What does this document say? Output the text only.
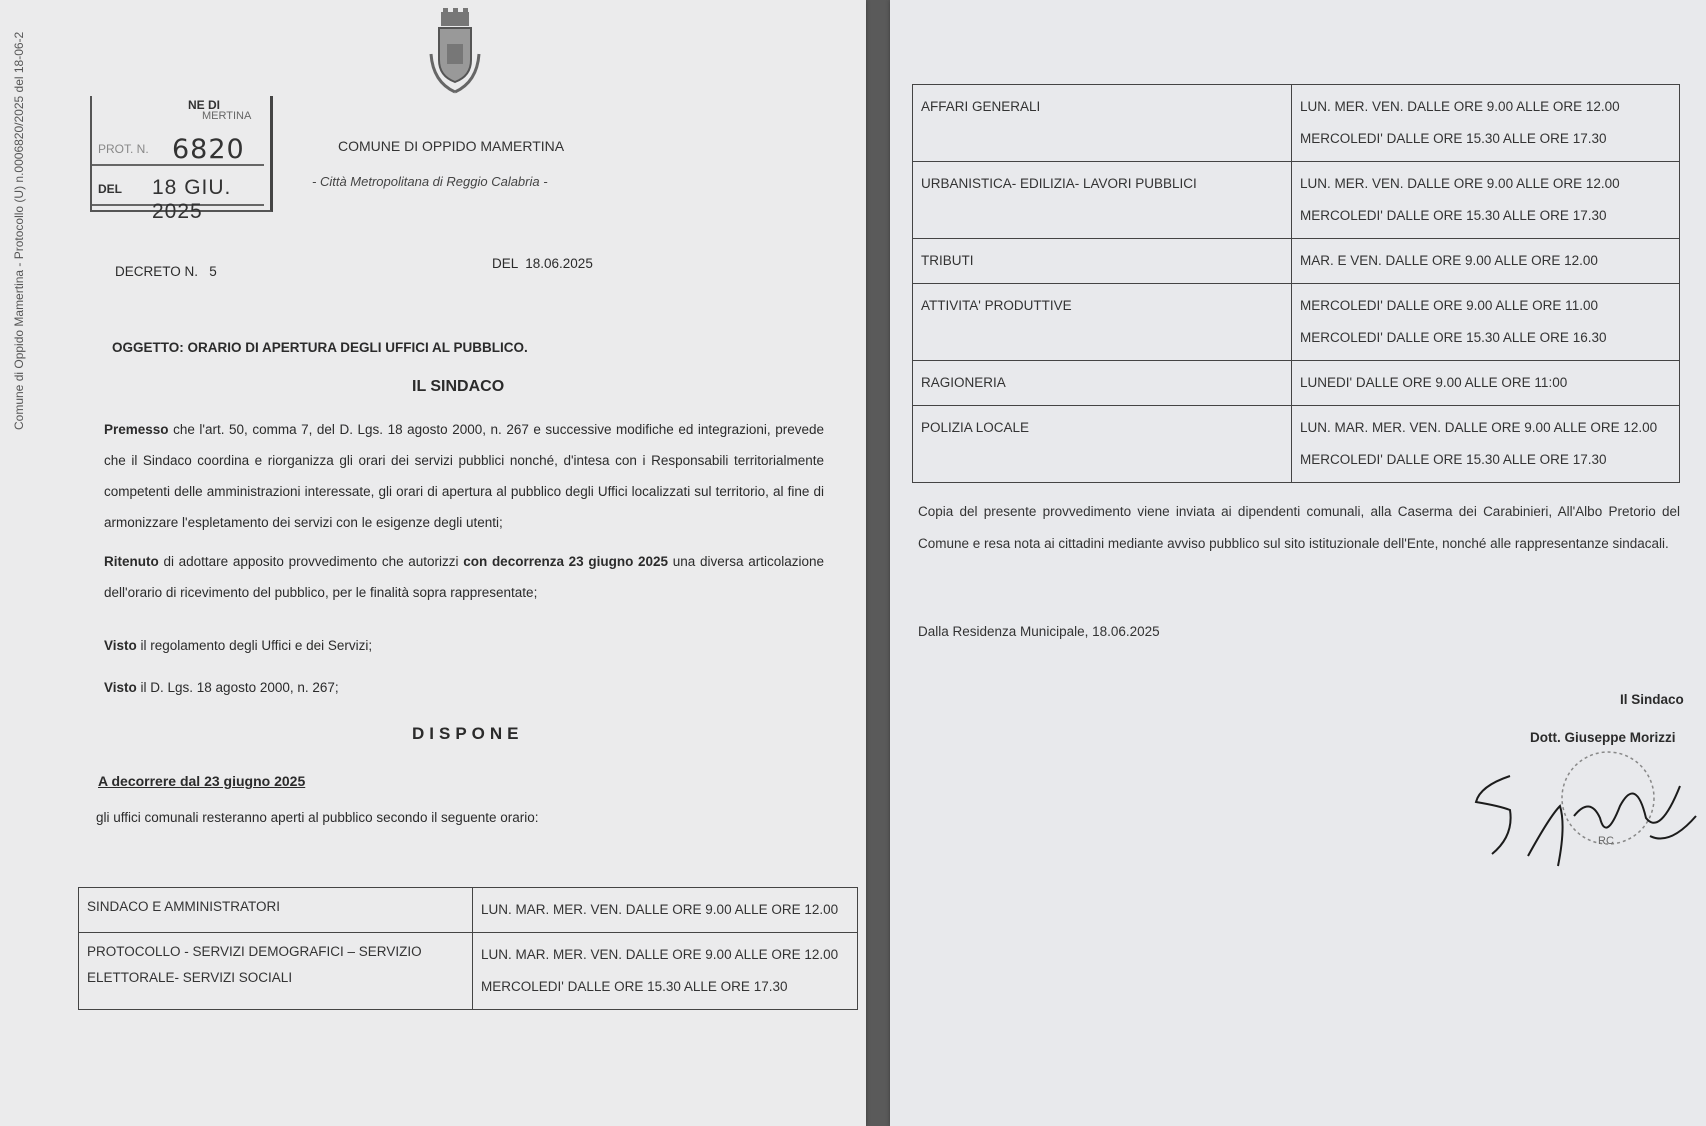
Comune di Oppido Mamertina - Protocollo (U) n.0006820/2025 del 18-06-2	NE DI
MERTINA
PROT. N. 6820
DEL 18 GIU. 2025
COMUNE DI OPPIDO MAMERTINA
- Città Metropolitana di Reggio Calabria -
DECRETO N.   5
DEL  18.06.2025
OGGETTO: ORARIO DI APERTURA DEGLI UFFICI AL PUBBLICO.
IL SINDACO
Premesso che l'art. 50, comma 7, del D. Lgs. 18 agosto 2000, n. 267 e successive modifiche ed integrazioni, prevede che il Sindaco coordina e riorganizza gli orari dei servizi pubblici nonché, d'intesa con i Responsabili territorialmente competenti delle amministrazioni interessate, gli orari di apertura al pubblico degli Uffici localizzati sul territorio, al fine di armonizzare l'espletamento dei servizi con le esigenze degli utenti;
Ritenuto di adottare apposito provvedimento che autorizzi con decorrenza 23 giugno 2025 una diversa articolazione dell'orario di ricevimento del pubblico, per le finalità sopra rappresentate;
Visto il regolamento degli Uffici e dei Servizi;
Visto il D. Lgs. 18 agosto 2000, n. 267;
DISPONE
A decorrere dal 23 giugno 2025
gli uffici comunali resteranno aperti al pubblico secondo il seguente orario:
SINDACO E AMMINISTRATORI	LUN. MAR. MER. VEN. DALLE ORE 9.00 ALLE ORE 12.00

PROTOCOLLO - SERVIZI DEMOGRAFICI – SERVIZIO ELETTORALE- SERVIZI SOCIALI	LUN. MAR. MER. VEN. DALLE ORE 9.00 ALLE ORE 12.00
MERCOLEDI' DALLE ORE 15.30 ALLE ORE 17.30
AFFARI GENERALI	LUN. MER. VEN. DALLE ORE 9.00 ALLE ORE 12.00
MERCOLEDI' DALLE ORE 15.30 ALLE ORE 17.30

URBANISTICA- EDILIZIA- LAVORI PUBBLICI	LUN. MER. VEN. DALLE ORE 9.00 ALLE ORE 12.00
MERCOLEDI' DALLE ORE 15.30 ALLE ORE 17.30

TRIBUTI	MAR. E VEN. DALLE ORE 9.00 ALLE ORE 12.00

ATTIVITA' PRODUTTIVE	MERCOLEDI' DALLE ORE 9.00 ALLE ORE 11.00
MERCOLEDI' DALLE ORE 15.30 ALLE ORE 16.30

RAGIONERIA	LUNEDI' DALLE ORE 9.00 ALLE ORE 11:00

POLIZIA LOCALE	LUN. MAR. MER. VEN. DALLE ORE 9.00 ALLE ORE 12.00
MERCOLEDI' DALLE ORE 15.30 ALLE ORE 17.30
Copia del presente provvedimento viene inviata ai dipendenti comunali, alla Caserma dei Carabinieri, All'Albo Pretorio del Comune e resa nota ai cittadini mediante avviso pubblico sul sito istituzionale dell'Ente, nonché alle rappresentanze sindacali.
Dalla Residenza Municipale, 18.06.2025
Il Sindaco
Dott. Giuseppe Morizzi
RC
